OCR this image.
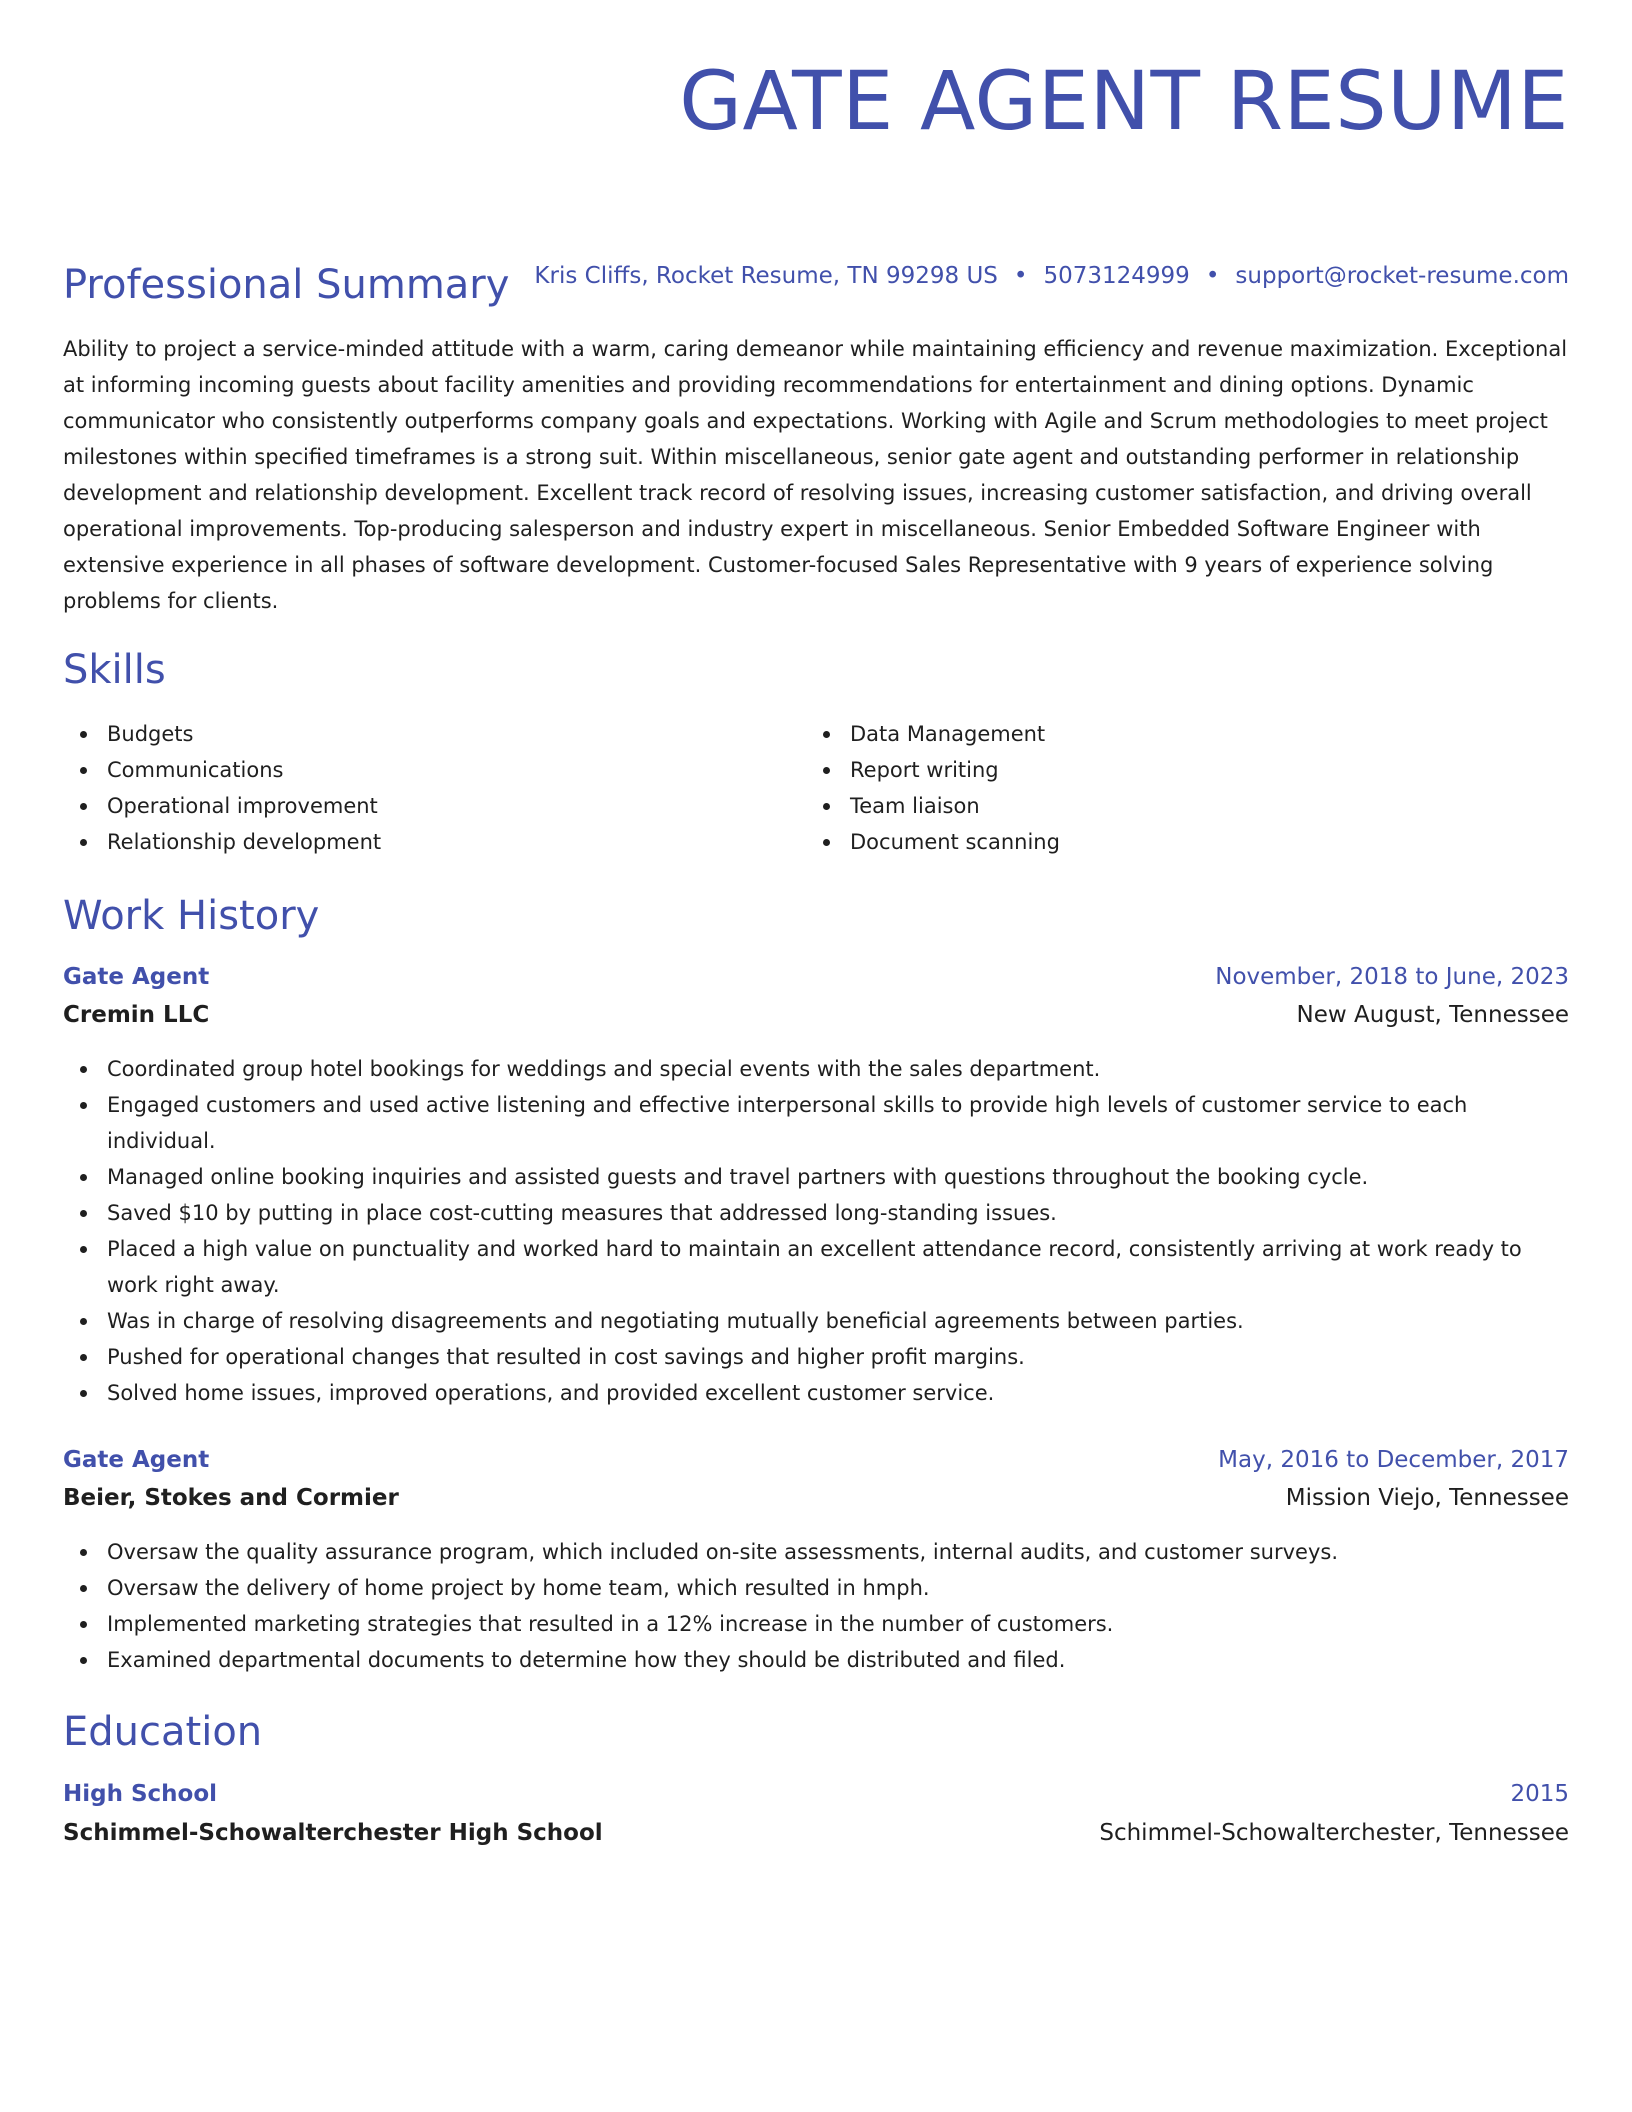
GATE AGENT RESUME
Kris Cliffs, Rocket Resume, TN 99298 US • 5073124999 • support@rocket-resume.com
Professional Summary

Ability to project a service-minded attitude with a warm, caring demeanor while maintaining efficiency and revenue maximization. Exceptional at informing incoming guests about facility amenities and providing recommendations for entertainment and dining options. Dynamic communicator who consistently outperforms company goals and expectations. Working with Agile and Scrum methodologies to meet project milestones within specified timeframes is a strong suit. Within miscellaneous, senior gate agent and outstanding performer in relationship development and relationship development. Excellent track record of resolving issues, increasing customer satisfaction, and driving overall operational improvements. Top-producing salesperson and industry expert in miscellaneous. Senior Embedded Software Engineer with extensive experience in all phases of software development. Customer-focused Sales Representative with 9 years of experience solving problems for clients.

Skills
Budgets
Communications
Operational improvement
Relationship development
Data Management
Report writing
Team liaison
Document scanning
Work History
Gate Agent	November, 2018 to June, 2023
Cremin LLC	New August, Tennessee
Coordinated group hotel bookings for weddings and special events with the sales department.
Engaged customers and used active listening and effective interpersonal skills to provide high levels of customer service to each individual.
Managed online booking inquiries and assisted guests and travel partners with questions throughout the booking cycle.
Saved $10 by putting in place cost-cutting measures that addressed long-standing issues.
Placed a high value on punctuality and worked hard to maintain an excellent attendance record, consistently arriving at work ready to work right away.
Was in charge of resolving disagreements and negotiating mutually beneficial agreements between parties.
Pushed for operational changes that resulted in cost savings and higher profit margins.
Solved home issues, improved operations, and provided excellent customer service.
Gate Agent	May, 2016 to December, 2017
Beier, Stokes and Cormier	Mission Viejo, Tennessee
Oversaw the quality assurance program, which included on-site assessments, internal audits, and customer surveys.
Oversaw the delivery of home project by home team, which resulted in hmph.
Implemented marketing strategies that resulted in a 12% increase in the number of customers.
Examined departmental documents to determine how they should be distributed and filed.
Education
High School	2015
Schimmel-Schowalterchester High School	Schimmel-Schowalterchester, Tennessee
